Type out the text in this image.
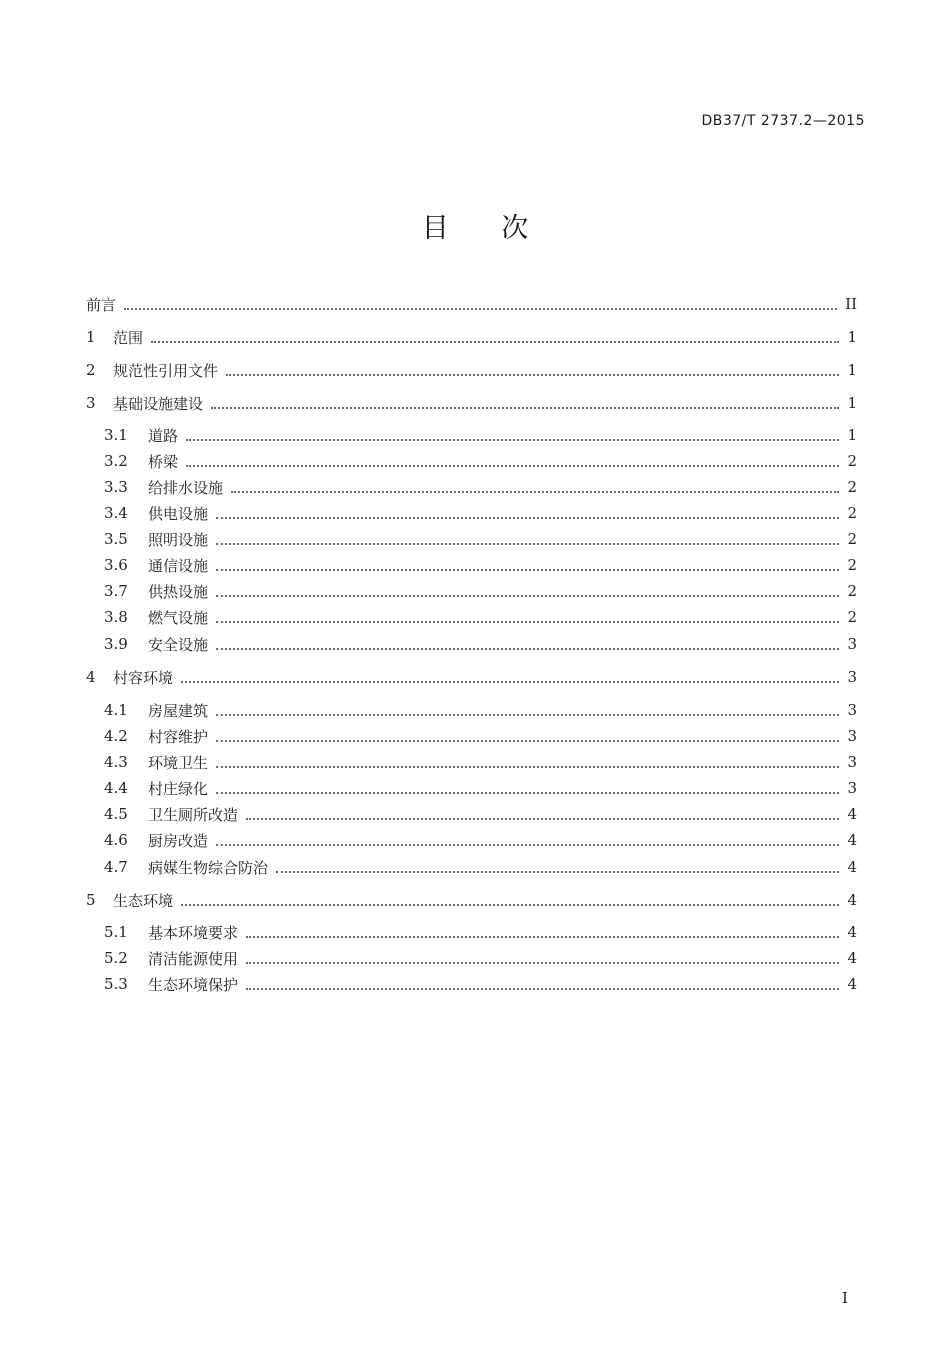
DB37/T 2737.2—2015
目 次
前言	II
1	范围	1
2	规范性引用文件	1
3	基础设施建设	1
3.1	道路	1
3.2	桥梁	2
3.3	给排水设施	2
3.4	供电设施	2
3.5	照明设施	2
3.6	通信设施	2
3.7	供热设施	2
3.8	燃气设施	2
3.9	安全设施	3
4	村容环境	3
4.1	房屋建筑	3
4.2	村容维护	3
4.3	环境卫生	3
4.4	村庄绿化	3
4.5	卫生厕所改造	4
4.6	厨房改造	4
4.7	病媒生物综合防治	4
5	生态环境	4
5.1	基本环境要求	4
5.2	清洁能源使用	4
5.3	生态环境保护	4
I
